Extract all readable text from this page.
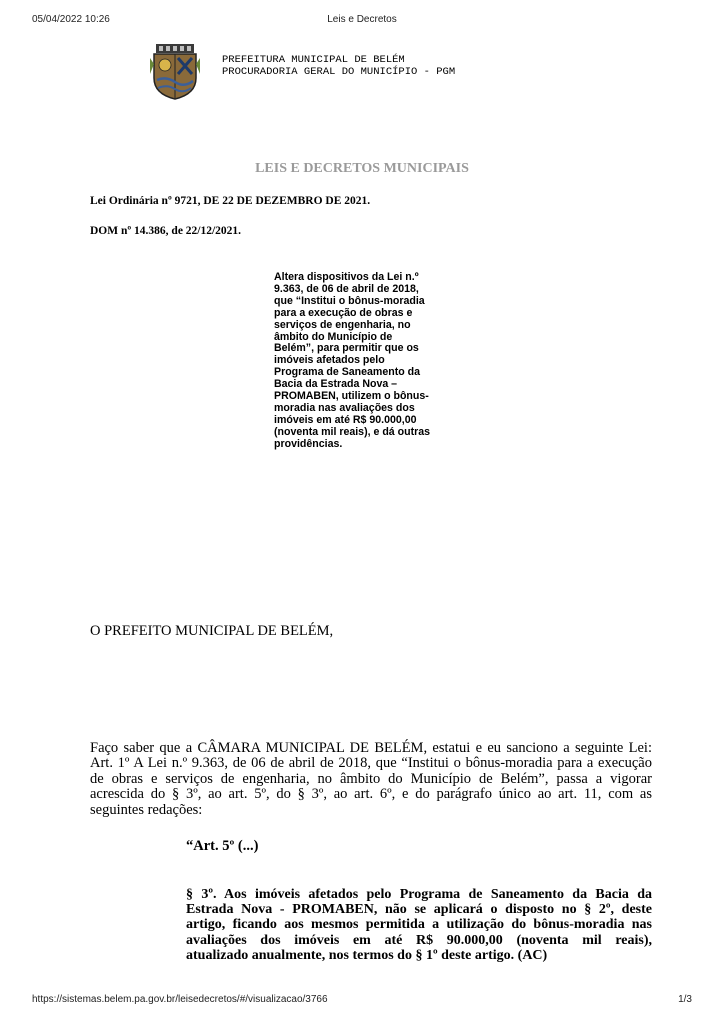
05/04/2022 10:26	Leis e Decretos
PREFEITURA MUNICIPAL DE BELÉM
PROCURADORIA GERAL DO MUNICÍPIO - PGM
LEIS E DECRETOS MUNICIPAIS
Lei Ordinária nº 9721, DE 22 DE DEZEMBRO DE 2021.
DOM nº 14.386, de 22/12/2021.
Altera dispositivos da Lei n.º
9.363, de 06 de abril de 2018,
que “Institui o bônus-moradia
para a execução de obras e
serviços de engenharia, no
âmbito do Município de
Belém”, para permitir que os
imóveis afetados pelo
Programa de Saneamento da
Bacia da Estrada Nova –
PROMABEN, utilizem o bônus-
moradia nas avaliações dos
imóveis em até R$ 90.000,00
(noventa mil reais), e dá outras
providências.
O PREFEITO MUNICIPAL DE BELÉM,
Faço saber que a CÂMARA MUNICIPAL DE BELÉM, estatui e eu sanciono a seguinte Lei:
Art. 1º A Lei n.º 9.363, de 06 de abril de 2018, que “Institui o bônus-moradia para a execução
de obras e serviços de engenharia, no âmbito do Município de Belém”, passa a vigorar
acrescida do § 3º, ao art. 5º, do § 3º, ao art. 6º, e do parágrafo único ao art. 11, com as
seguintes redações:
“Art. 5º (...)
§ 3º. Aos imóveis afetados pelo Programa de Saneamento da Bacia da
Estrada Nova - PROMABEN, não se aplicará o disposto no § 2º, deste
artigo, ficando aos mesmos permitida a utilização do bônus-moradia nas
avaliações dos imóveis em até R$ 90.000,00 (noventa mil reais),
atualizado anualmente, nos termos do § 1º deste artigo. (AC)
https://sistemas.belem.pa.gov.br/leisedecretos/#/visualizacao/3766	1/3
